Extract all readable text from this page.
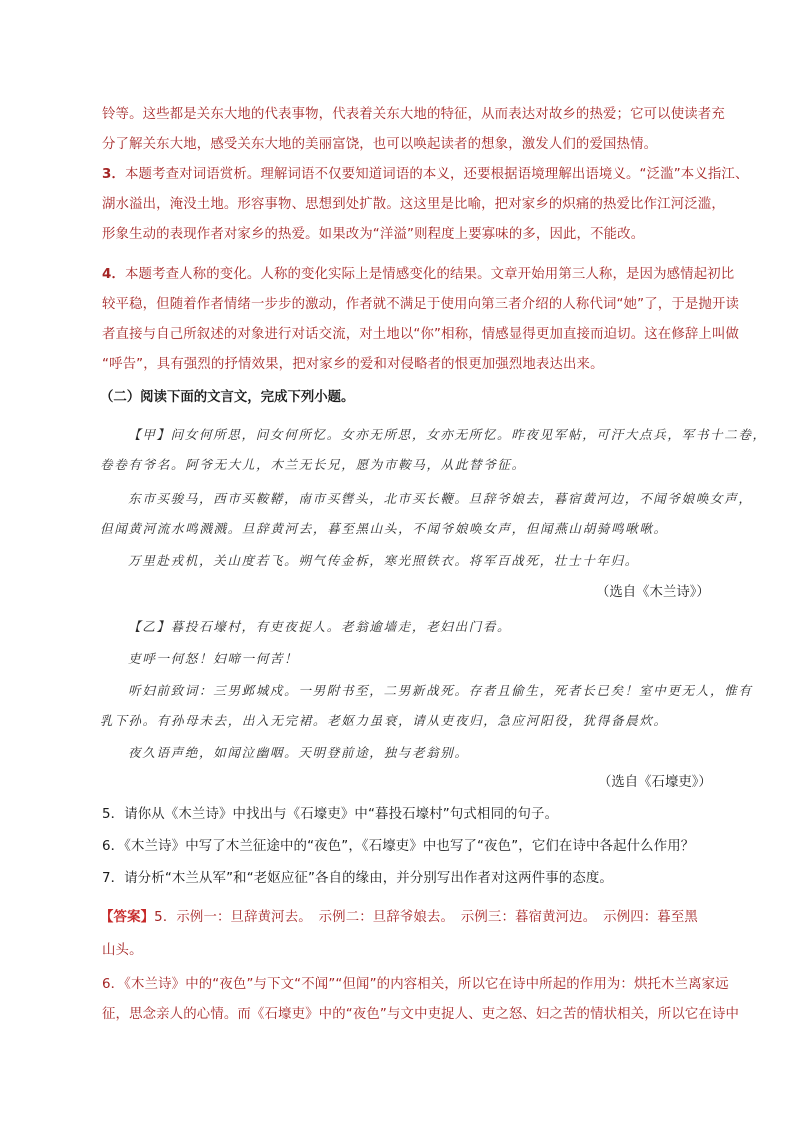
铃等。这些都是关东大地的代表事物，代表着关东大地的特征，从而表达对故乡的热爱；它可以使读者充
分了解关东大地，感受关东大地的美丽富饶，也可以唤起读者的想象，激发人们的爱国热情。
3．本题考查对词语赏析。理解词语不仅要知道词语的本义，还要根据语境理解出语境义。“泛滥”本义指江、
湖水溢出，淹没土地。形容事物、思想到处扩散。这这里是比喻，把对家乡的炽痛的热爱比作江河泛滥，
形象生动的表现作者对家乡的热爱。如果改为“洋溢”则程度上要寡味的多，因此，不能改。
4．本题考查人称的变化。人称的变化实际上是情感变化的结果。文章开始用第三人称，是因为感情起初比
较平稳，但随着作者情绪一步步的激动，作者就不满足于使用向第三者介绍的人称代词“她”了，于是抛开读
者直接与自己所叙述的对象进行对话交流，对土地以“你”相称，情感显得更加直接而迫切。这在修辞上叫做
“呼告”，具有强烈的抒情效果，把对家乡的爱和对侵略者的恨更加强烈地表达出来。
（二）阅读下面的文言文，完成下列小题。
【甲】问女何所思，问女何所忆。女亦无所思，女亦无所忆。昨夜见军帖，可汗大点兵，军书十二卷，
卷卷有爷名。阿爷无大儿，木兰无长兄，愿为市鞍马，从此替爷征。
东市买骏马，西市买鞍鞯，南市买辔头，北市买长鞭。旦辞爷娘去，暮宿黄河边，不闻爷娘唤女声，
但闻黄河流水鸣溅溅。旦辞黄河去，暮至黑山头，不闻爷娘唤女声，但闻燕山胡骑鸣啾啾。
万里赴戎机，关山度若飞。朔气传金柝，寒光照铁衣。将军百战死，壮士十年归。
（选自《木兰诗》）
【乙】暮投石壕村，有吏夜捉人。老翁逾墙走，老妇出门看。
吏呼一何怒！妇啼一何苦！
听妇前致词：三男邺城戍。一男附书至，二男新战死。存者且偷生，死者长已矣！室中更无人，惟有
乳下孙。有孙母未去，出入无完裙。老妪力虽衰，请从吏夜归，急应河阳役，犹得备晨炊。
夜久语声绝，如闻泣幽咽。天明登前途，独与老翁别。
（选自《石壕吏》）
5．请你从《木兰诗》中找出与《石壕吏》中“暮投石壕村”句式相同的句子。
6．《木兰诗》中写了木兰征途中的“夜色”，《石壕吏》中也写了“夜色”，它们在诗中各起什么作用？
7．请分析“木兰从军”和“老妪应征”各自的缘由，并分别写出作者对这两件事的态度。
【答案】5．示例一：旦辞黄河去。　示例二：旦辞爷娘去。　示例三：暮宿黄河边。　示例四：暮至黑
山头。
6．《木兰诗》中的“夜色”与下文“不闻”“但闻”的内容相关，所以它在诗中所起的作用为：烘托木兰离家远
征，思念亲人的心情。而《石壕吏》中的“夜色”与文中吏捉人、吏之怒、妇之苦的情状相关，所以它在诗中
